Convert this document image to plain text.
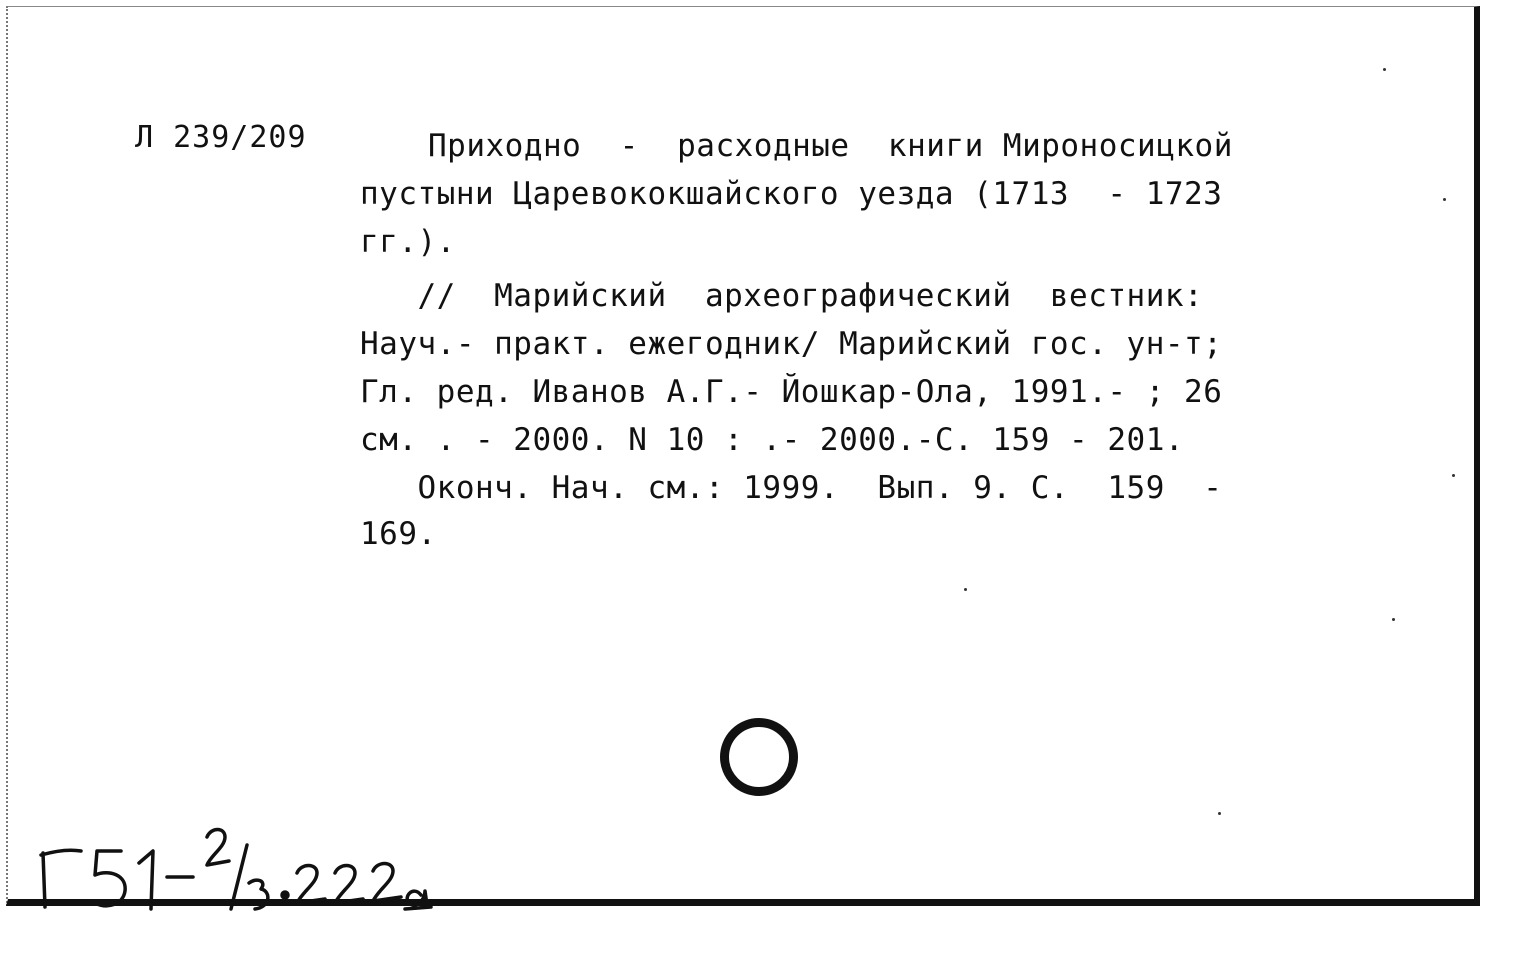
Л 239/209	Приходно  -  расходные  книги Мироносицкой
пустыни Царевококшайского уезда (1713  - 1723
гг.).
//  Марийский  археографический  вестник:
Науч.- практ. ежегодник/ Марийский гос. ун-т;
Гл. ред. Иванов А.Г.- Йошкар-Ола, 1991.- ; 26
см. . - 2000. N 10 : .- 2000.-С. 159 - 201.
Оконч. Нач. см.: 1999.  Вып. 9. С.  159  -
169.
